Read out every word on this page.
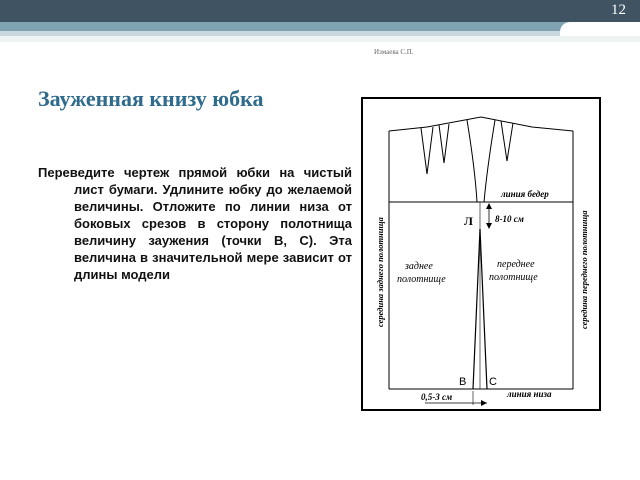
12
Измаева С.П.
Зауженная книзу юбка
Переведите чертеж прямой юбки на чистый лист бумаги. Удлините юбку до желаемой величины. Отложите по линии низа от боковых срезов в сторону полотнища величину заужения (точки В, С). Эта величина в значительной мере зависит от длины модели
линия бедер
8-10 см
Л
заднее
полотнище
переднее
полотнище
В С
линия низа
0,5-3 см
середина заднего полотнища	середина переднего полотнища
